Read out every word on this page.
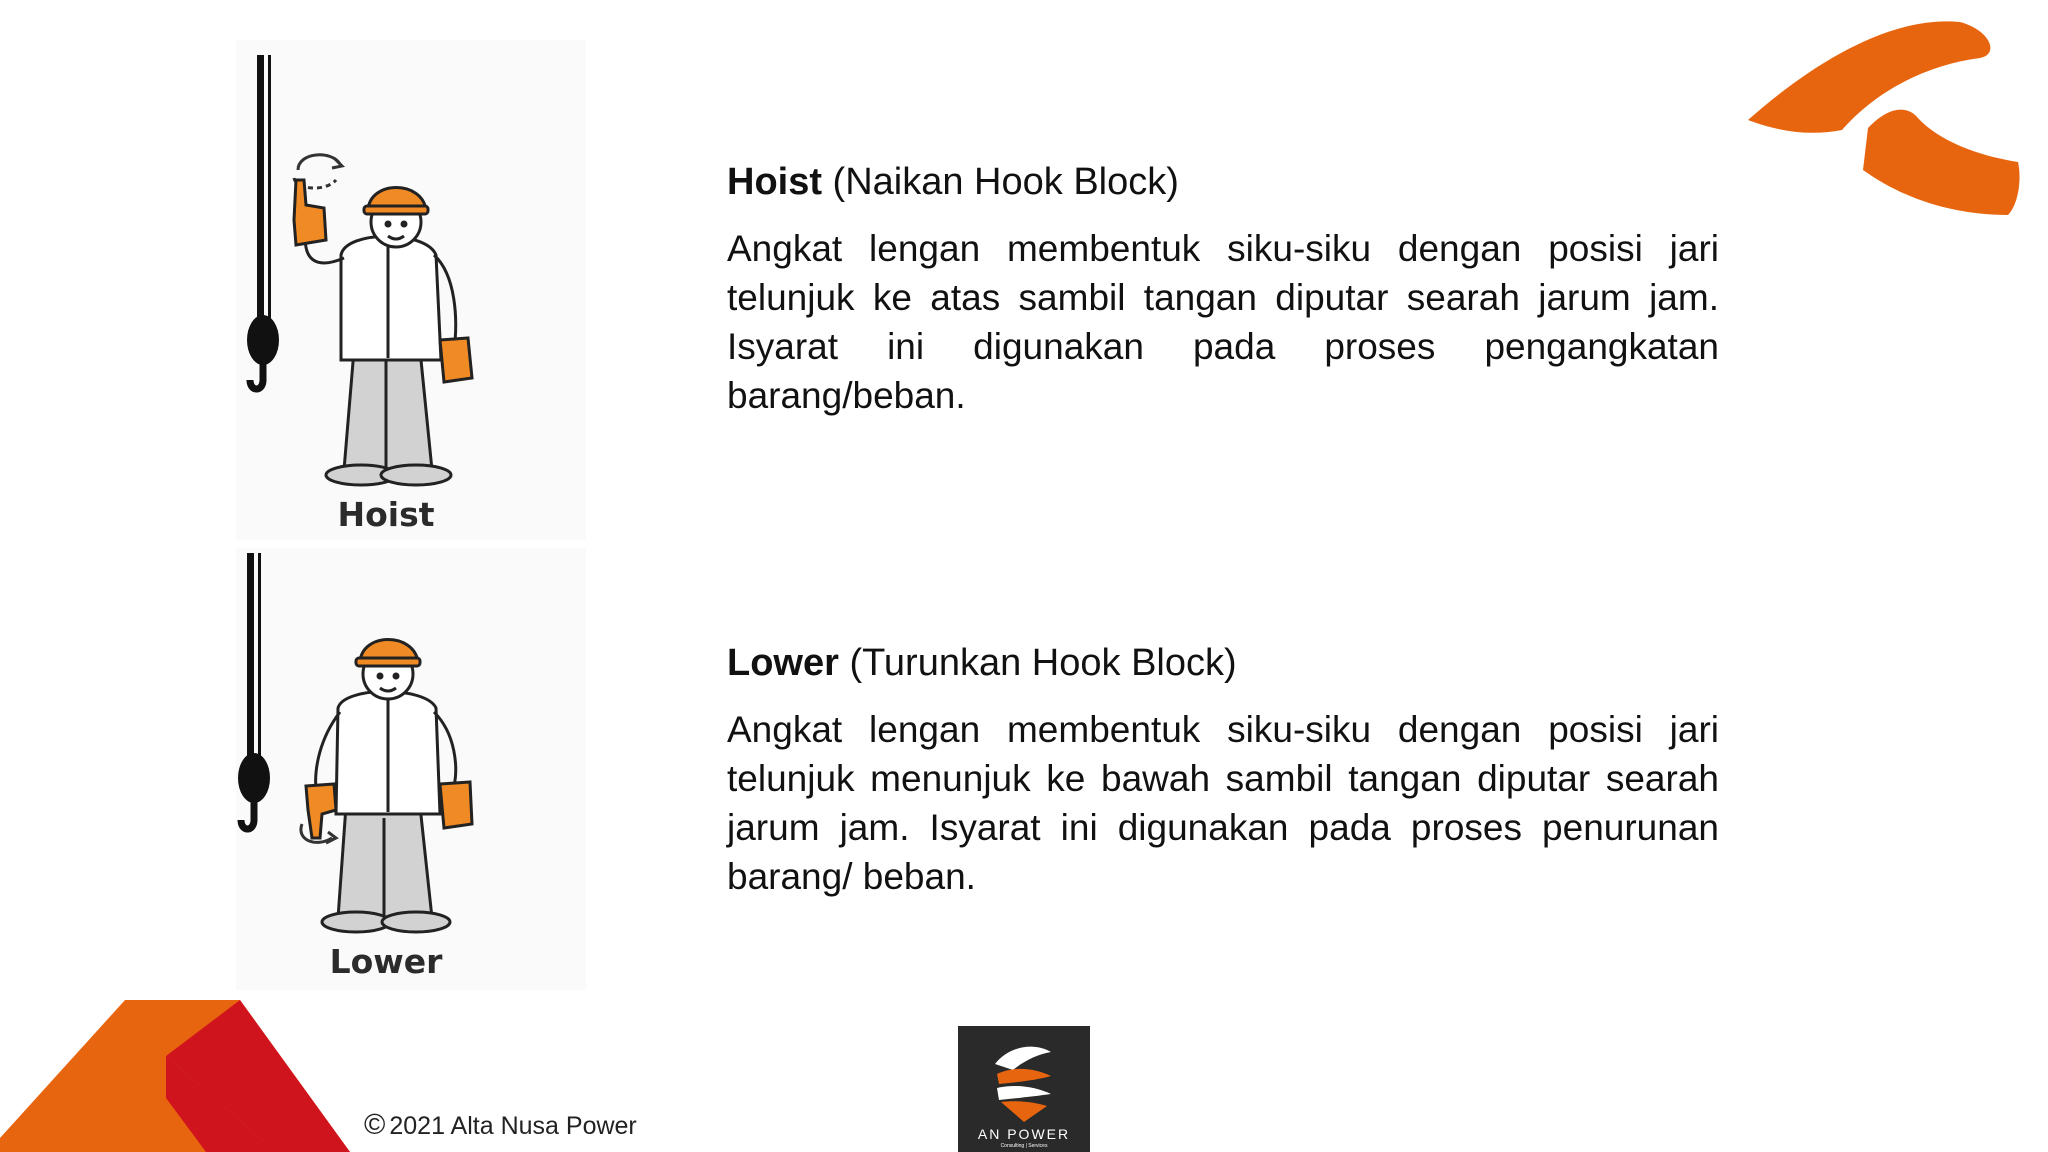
Hoist
Lower

Hoist (Naikan Hook Block)

Angkat lengan membentuk siku-siku dengan posisi jari telunjuk ke atas sambil tangan diputar searah jarum jam. Isyarat ini digunakan pada proses pengangkatan barang/beban.

Lower (Turunkan Hook Block)

Angkat lengan membentuk siku-siku dengan posisi jari telunjuk menunjuk ke bawah sambil tangan diputar searah jarum jam. Isyarat ini digunakan pada proses penurunan barang/ beban.

© 2021 Alta Nusa Power	AN POWER
Consulting | Services
